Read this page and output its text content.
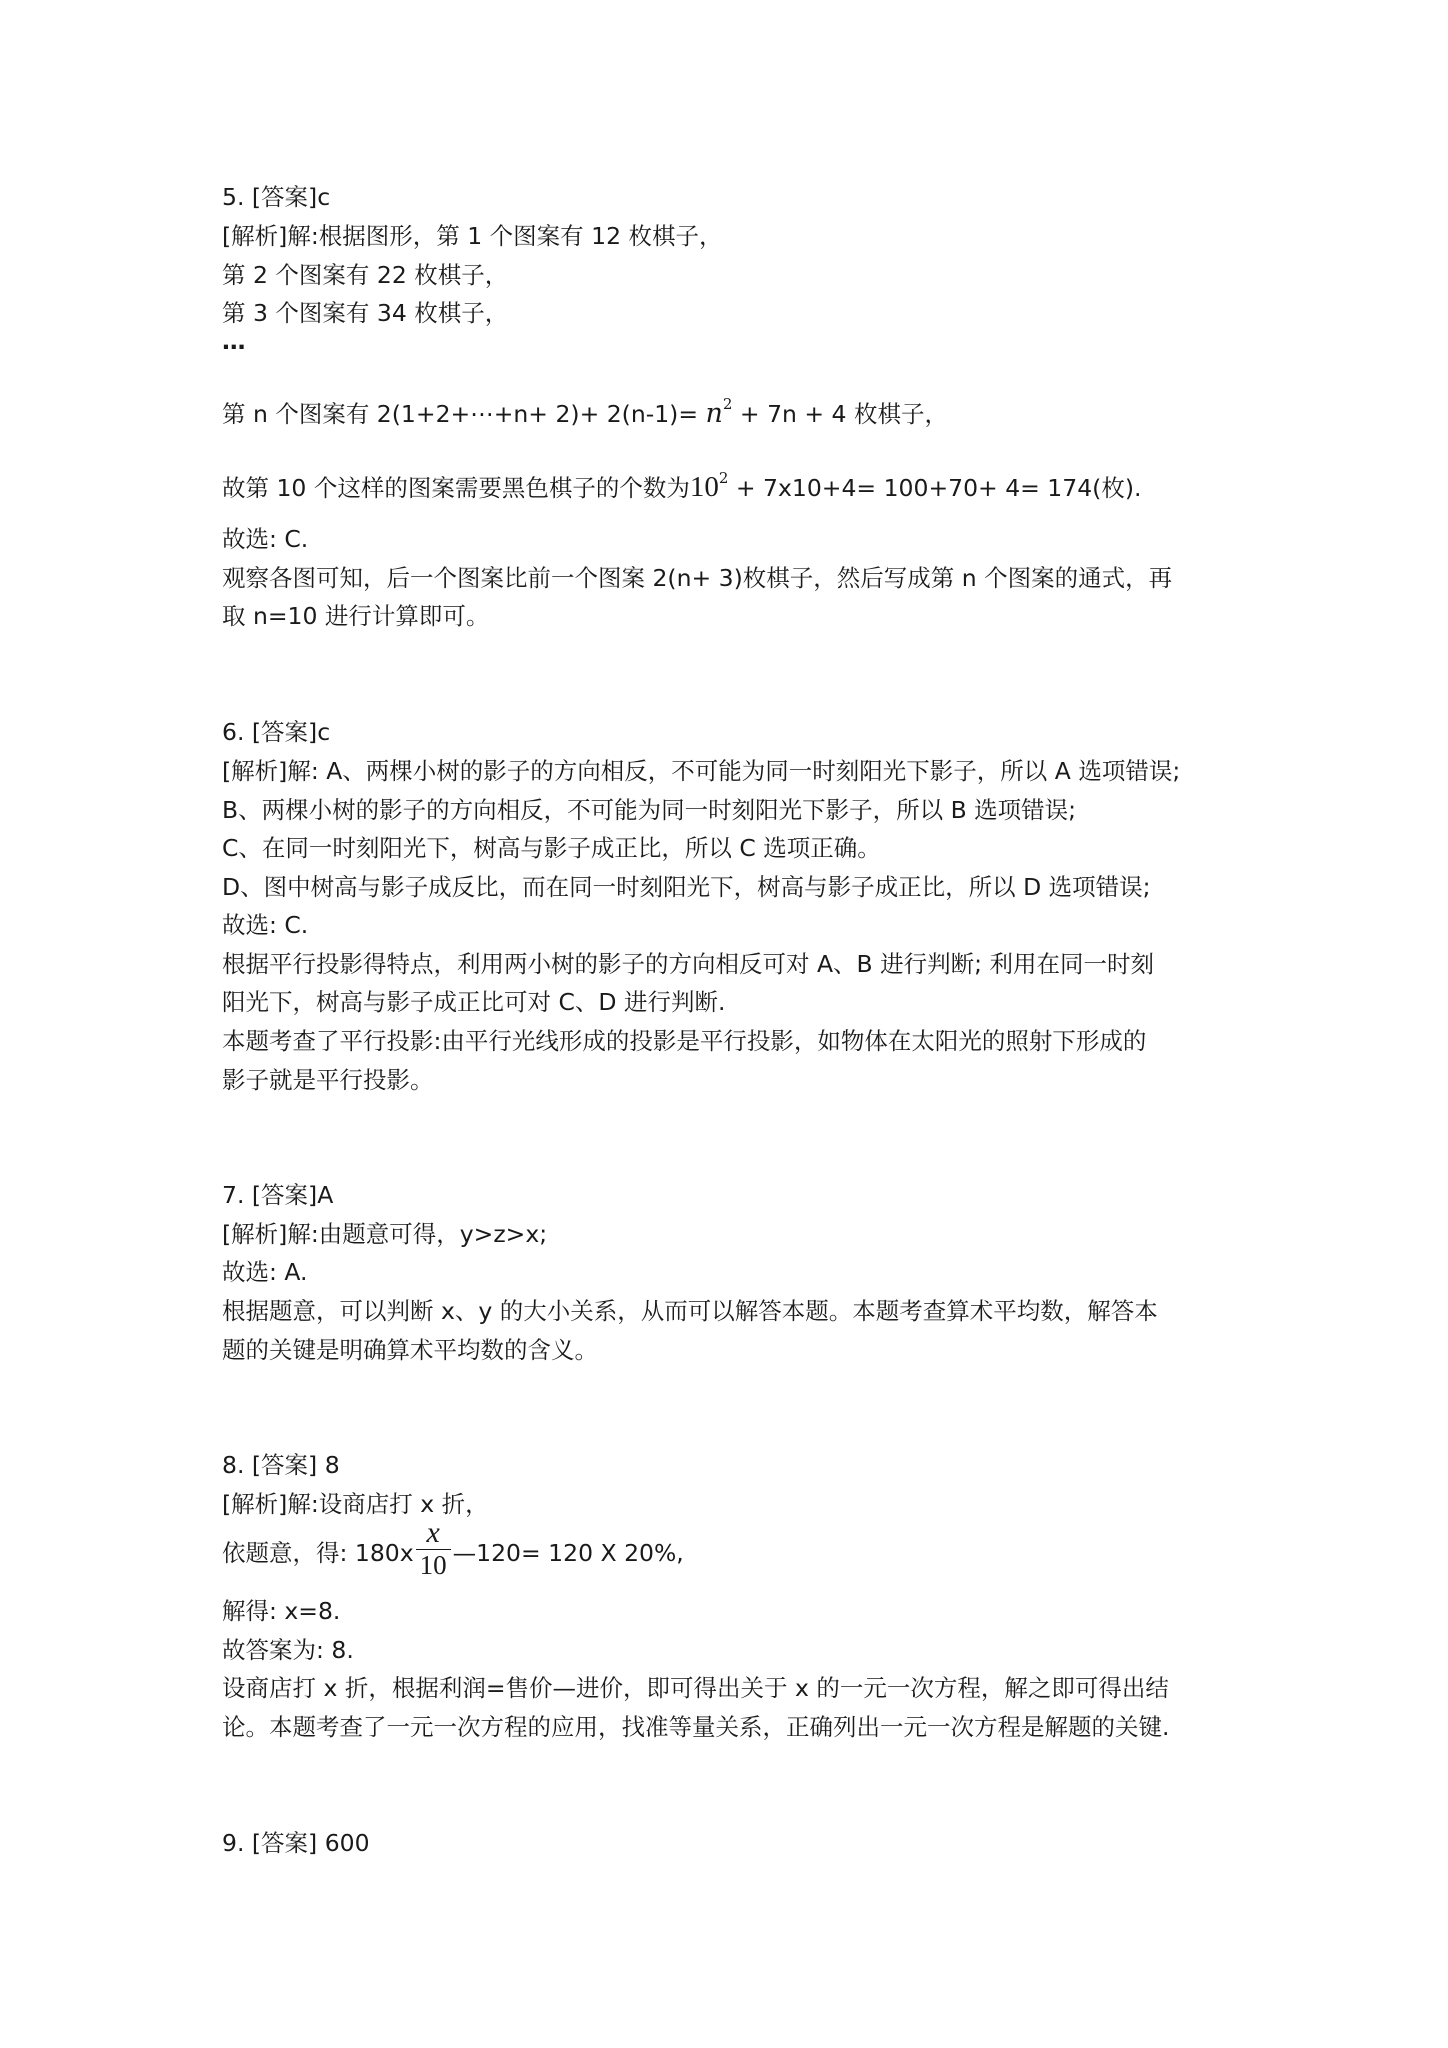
5. [答案]c
[解析]解:根据图形，第 1 个图案有 12 枚棋子，
第 2 个图案有 22 枚棋子，
第 3 个图案有 34 枚棋子，
…
第 n 个图案有 2(1+2+⋯+n+ $2)+ 2(n-1)= n^2 + 7n + 4$ 枚棋子，
故第 10 个这样的图案需要黑色棋子的个数为$10^2 + 7x10+4= 100+70+ 4= 174$(枚).
故选: C.
观察各图可知，后一个图案比前一个图案 2(n+ 3)枚棋子，然后写成第 n 个图案的通式，再
取 n=10 进行计算即可。
6. [答案]c
[解析]解: A、两棵小树的影子的方向相反，不可能为同一时刻阳光下影子，所以 A 选项错误;
B、两棵小树的影子的方向相反，不可能为同一时刻阳光下影子，所以 B 选项错误;
C、在同一时刻阳光下，树高与影子成正比，所以 C 选项正确。
D、图中树高与影子成反比，而在同一时刻阳光下，树高与影子成正比，所以 D 选项错误;
故选: C.
根据平行投影得特点，利用两小树的影子的方向相反可对 A、B 进行判断; 利用在同一时刻
阳光下，树高与影子成正比可对 C、D 进行判断.
本题考查了平行投影:由平行光线形成的投影是平行投影，如物体在太阳光的照射下形成的
影子就是平行投影。
7. [答案]A
[解析]解:由题意可得，y>z>x;
故选: A.
根据题意，可以判断 x、y 的大小关系，从而可以解答本题。本题考查算术平均数，解答本
题的关键是明确算术平均数的含义。
8. [答案] 8
[解析]解:设商店打 x 折，
依题意，得: $180x \frac{x}{10}$ —120= 120 X 20%,
解得: x=8.
故答案为: 8.
设商店打 x 折，根据利润=售价—进价，即可得出关于 x 的一元一次方程，解之即可得出结
论。本题考查了一元一次方程的应用，找准等量关系，正确列出一元一次方程是解题的关键.
9. [答案] 600
